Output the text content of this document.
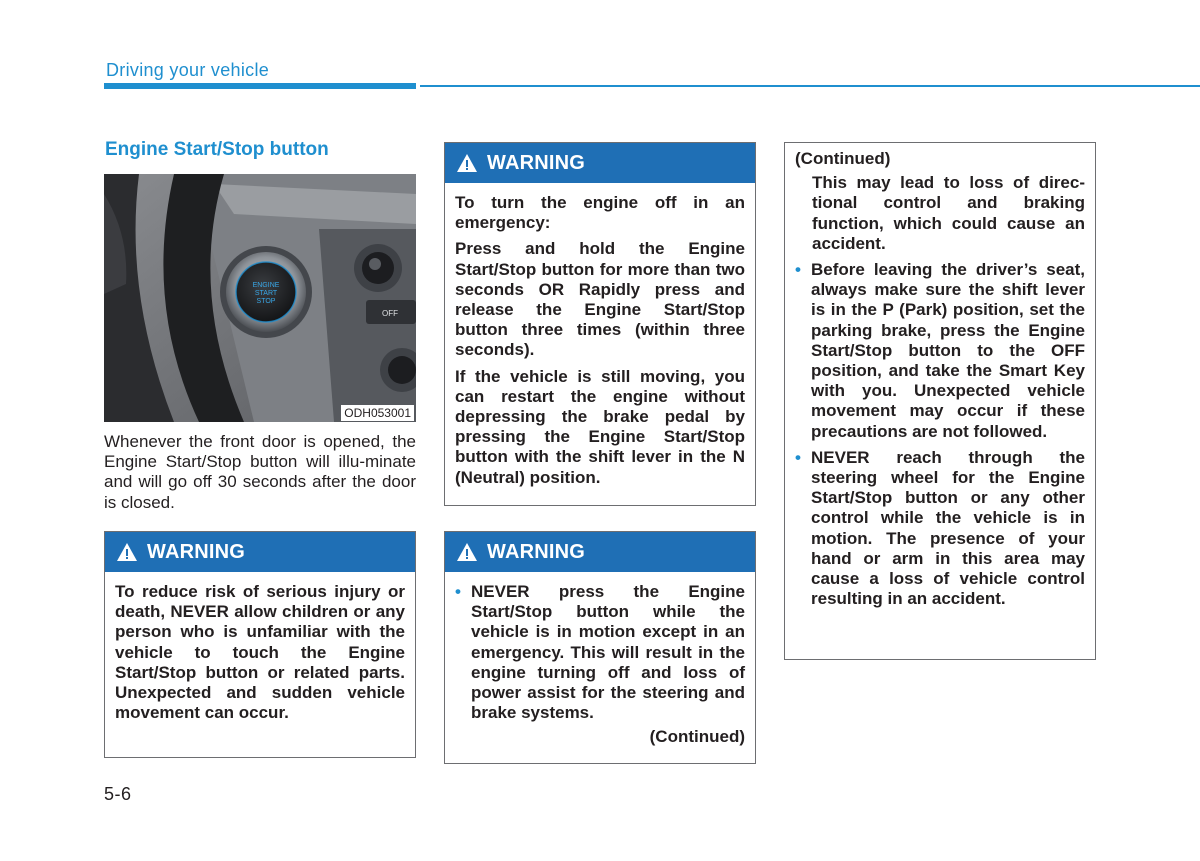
Driving your vehicle
Engine Start/Stop button
ENGINE
START
STOP
OFF
ODH053001
Whenever the front door is opened, the Engine Start/Stop button will illu-minate and will go off 30 seconds after the door is closed.
WARNING

To reduce risk of serious injury or death, NEVER allow children or any person who is unfamiliar with the vehicle to touch the Engine Start/Stop button or related parts. Unexpected and sudden vehicle movement can occur.

WARNING

To turn the engine off in an emergency:

Press and hold the Engine Start/Stop button for more than two seconds OR Rapidly press and release the Engine Start/Stop button three times (within three seconds).

If the vehicle is still moving, you can restart the engine without depressing the brake pedal by pressing the Engine Start/Stop button with the shift lever in the N (Neutral) position.

WARNING
• NEVER press the Engine Start/Stop button while the vehicle is in motion except in an emergency. This will result in the engine turning off and loss of power assist for the steering and brake systems.
(Continued)
(Continued)
This may lead to loss of direc-tional control and braking function, which could cause an accident.
• Before leaving the driver’s seat, always make sure the shift lever is in the P (Park) position, set the parking brake, press the Engine Start/Stop button to the OFF position, and take the Smart Key with you. Unexpected vehicle movement may occur if these precautions are not followed.
• NEVER reach through the steering wheel for the Engine Start/Stop button or any other control while the vehicle is in motion. The presence of your hand or arm in this area may cause a loss of vehicle control resulting in an accident.
5-6
